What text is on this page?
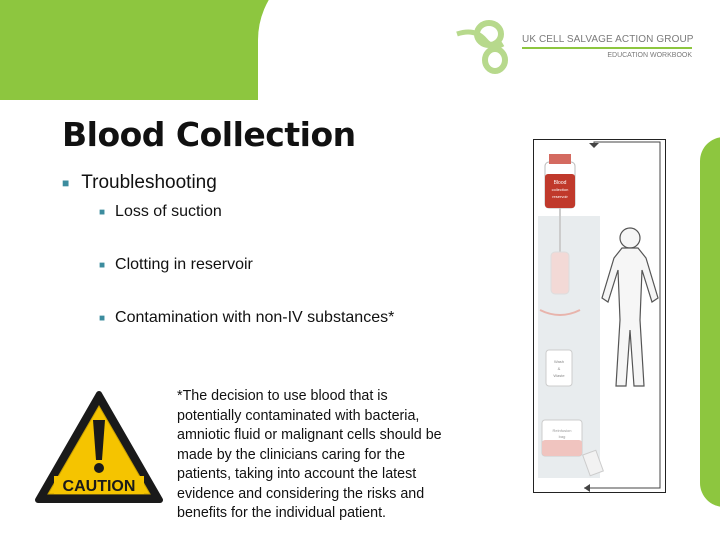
UK CELL SALVAGE ACTION GROUP
EDUCATION WORKBOOK
Blood Collection
■ Troubleshooting
■ Loss of suction
■ Clotting in reservoir
■ Contamination with non-IV substances*
*The decision to use blood that is
potentially contaminated with bacteria,
amniotic fluid or malignant cells should be
made by the clinicians caring for the
patients, taking into account the latest
evidence and considering the risks and
benefits for the individual patient.
CAUTION
Blood
collection
reservoir
Wash
&
Waste
Reinfusion
bag
